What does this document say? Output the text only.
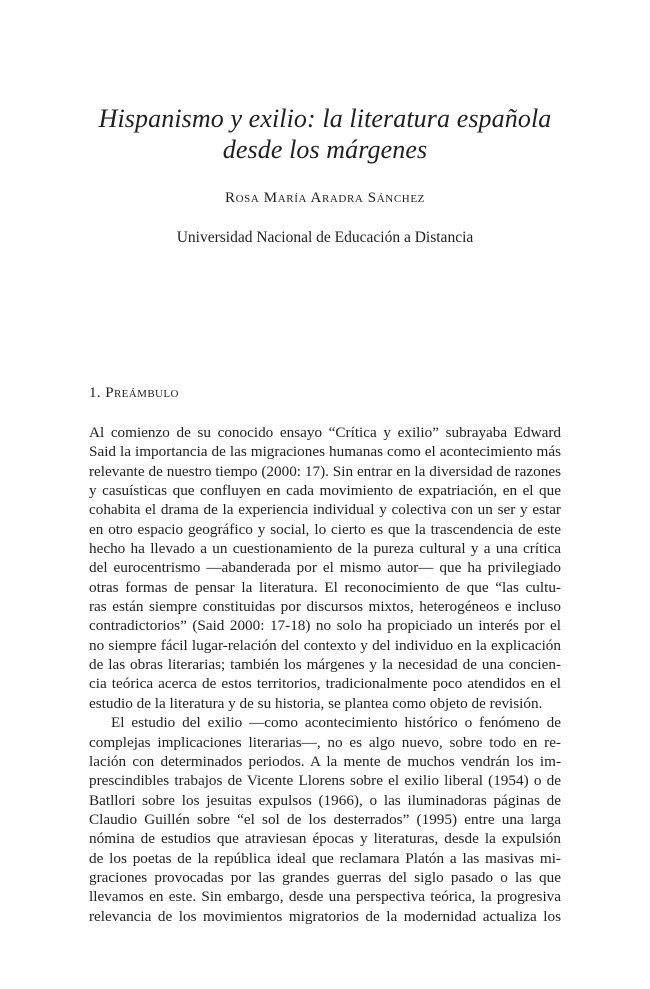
Hispanismo y exilio: la literatura española
desde los márgenes
Rosa María Aradra Sánchez
Universidad Nacional de Educación a Distancia
1. Preámbulo
Al comienzo de su conocido ensayo “Crítica y exilio” subrayaba Edward
Said la importancia de las migraciones humanas como el acontecimiento más
relevante de nuestro tiempo (2000: 17). Sin entrar en la diversidad de razones
y casuísticas que confluyen en cada movimiento de expatriación, en el que
cohabita el drama de la experiencia individual y colectiva con un ser y estar
en otro espacio geográfico y social, lo cierto es que la trascendencia de este
hecho ha llevado a un cuestionamiento de la pureza cultural y a una crítica
del eurocentrismo —abanderada por el mismo autor— que ha privilegiado
otras formas de pensar la literatura. El reconocimiento de que “las cultu-
ras están siempre constituidas por discursos mixtos, heterogéneos e incluso
contradictorios” (Said 2000: 17-18) no solo ha propiciado un interés por el
no siempre fácil lugar-relación del contexto y del individuo en la explicación
de las obras literarias; también los márgenes y la necesidad de una concien-
cia teórica acerca de estos territorios, tradicionalmente poco atendidos en el
estudio de la literatura y de su historia, se plantea como objeto de revisión.
El estudio del exilio —como acontecimiento histórico o fenómeno de
complejas implicaciones literarias—, no es algo nuevo, sobre todo en re-
lación con determinados periodos. A la mente de muchos vendrán los im-
prescindibles trabajos de Vicente Llorens sobre el exilio liberal (1954) o de
Batllori sobre los jesuitas expulsos (1966), o las iluminadoras páginas de
Claudio Guillén sobre “el sol de los desterrados” (1995) entre una larga
nómina de estudios que atraviesan épocas y literaturas, desde la expulsión
de los poetas de la república ideal que reclamara Platón a las masivas mi-
graciones provocadas por las grandes guerras del siglo pasado o las que
llevamos en este. Sin embargo, desde una perspectiva teórica, la progresiva
relevancia de los movimientos migratorios de la modernidad actualiza los
